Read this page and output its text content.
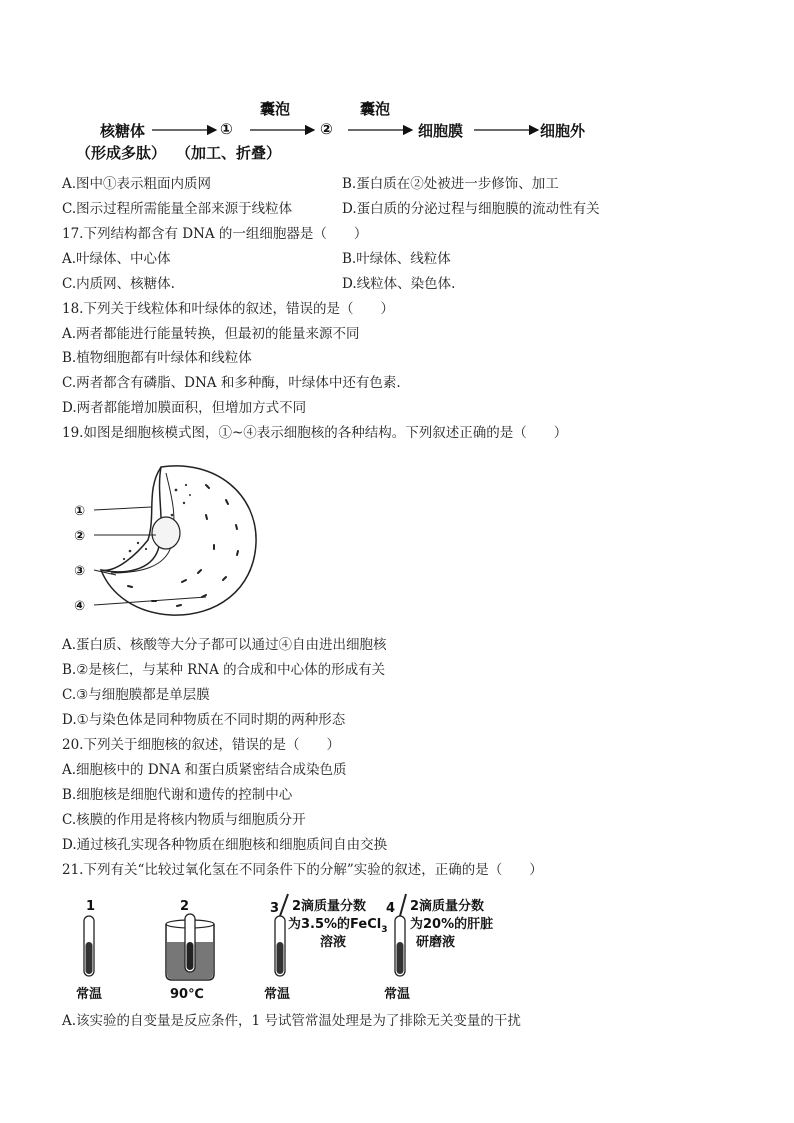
核糖体	①	②	细胞膜	细胞外
囊泡	囊泡
（形成多肽） （加工、折叠）
A.图中①表示粗面内质网	B.蛋白质在②处被进一步修饰、加工
C.图示过程所需能量全部来源于线粒体	D.蛋白质的分泌过程与细胞膜的流动性有关
17.下列结构都含有 DNA 的一组细胞器是（　　）
A.叶绿体、中心体	B.叶绿体、线粒体
C.内质网、核糖体.	D.线粒体、染色体.
18.下列关于线粒体和叶绿体的叙述，错误的是（　　）
A.两者都能进行能量转换，但最初的能量来源不同
B.植物细胞都有叶绿体和线粒体
C.两者都含有磷脂、DNA 和多种酶，叶绿体中还有色素.
D.两者都能增加膜面积，但增加方式不同
19.如图是细胞核模式图，①~④表示细胞核的各种结构。下列叙述正确的是（　　）
①
②
③
④
A.蛋白质、核酸等大分子都可以通过④自由进出细胞核
B.②是核仁，与某种 RNA 的合成和中心体的形成有关
C.③与细胞膜都是单层膜
D.①与染色体是同种物质在不同时期的两种形态
20.下列关于细胞核的叙述，错误的是（　　）
A.细胞核中的 DNA 和蛋白质紧密结合成染色质
B.细胞核是细胞代谢和遗传的控制中心
C.核膜的作用是将核内物质与细胞质分开
D.通过核孔实现各种物质在细胞核和细胞质间自由交换
21.下列有关“比较过氧化氢在不同条件下的分解”实验的叙述，正确的是（　　）
1
常温
2
90℃
3 2滴质量分数
为3.5%的FeCl$_3$
溶液
常温
4 2滴质量分数
为20%的肝脏
研磨液
常温
A.该实验的自变量是反应条件，1 号试管常温处理是为了排除无关变量的干扰
